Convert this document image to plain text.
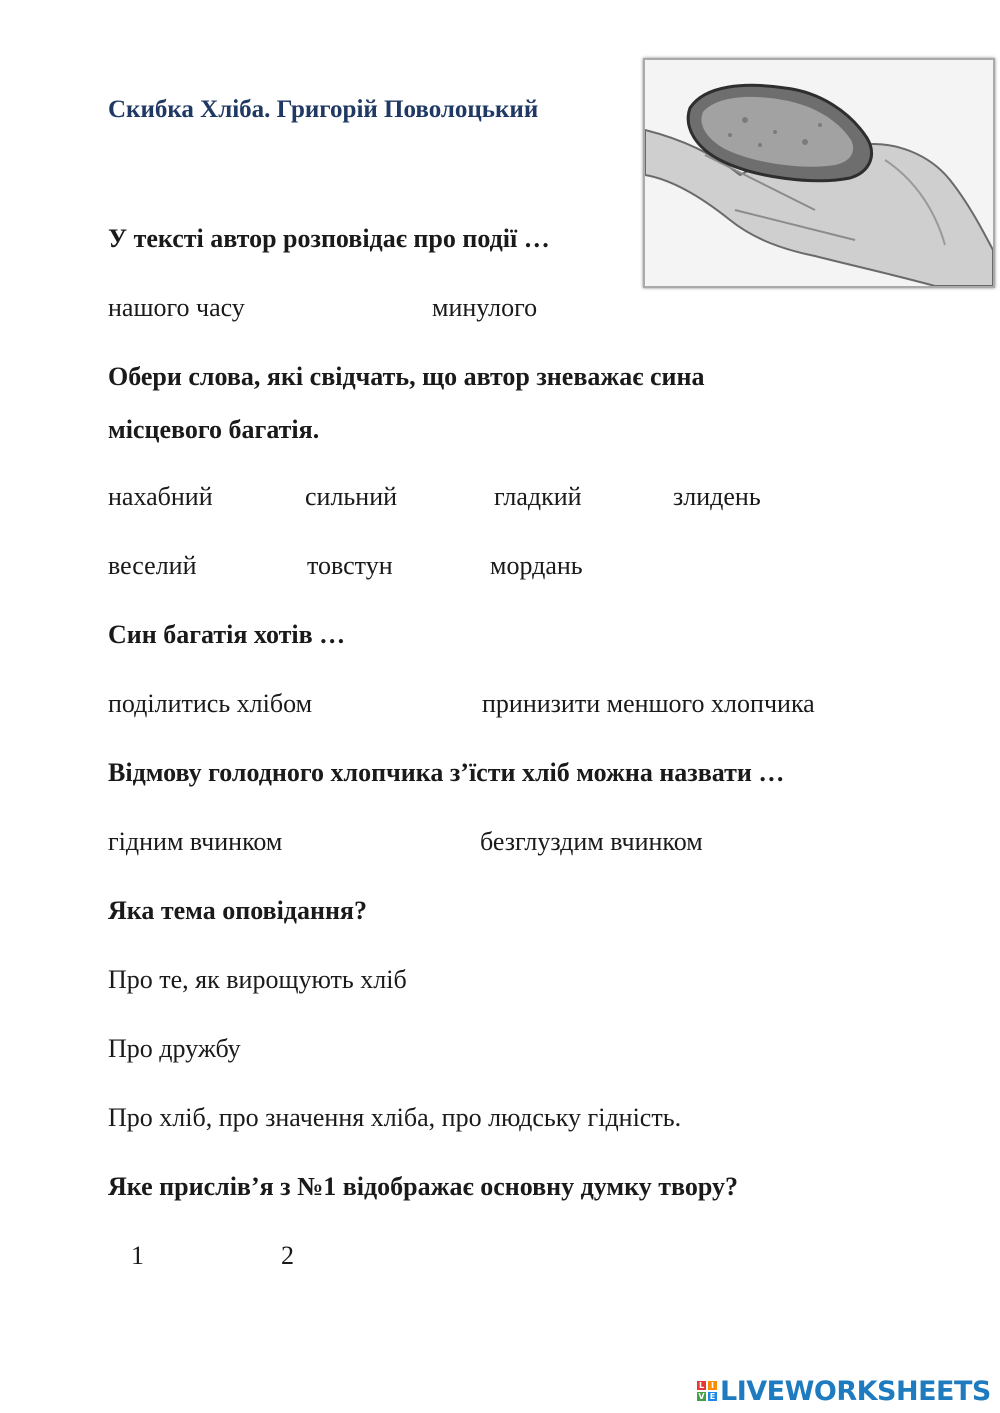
Скибка Хліба. Григорій Поволоцький
У тексті автор розповідає про події …
нашого часу	минулого
Обери слова, які свідчать, що автор зневажає сина
місцевого багатія.
нахабний	сильний	гладкий	злидень
веселий	товстун	мордань
Син багатія хотів …
поділитись хлібом	принизити меншого хлопчика
Відмову голодного хлопчика з’їсти хліб можна назвати …
гідним вчинком	безглуздим вчинком
Яка тема оповідання?
Про те, як вирощують хліб
Про дружбу
Про хліб, про значення хліба, про людську гідність.
Яке прислів’я з №1 відображає основну думку твору?
1	2
L I
V E LIVEWORKSHEETS
